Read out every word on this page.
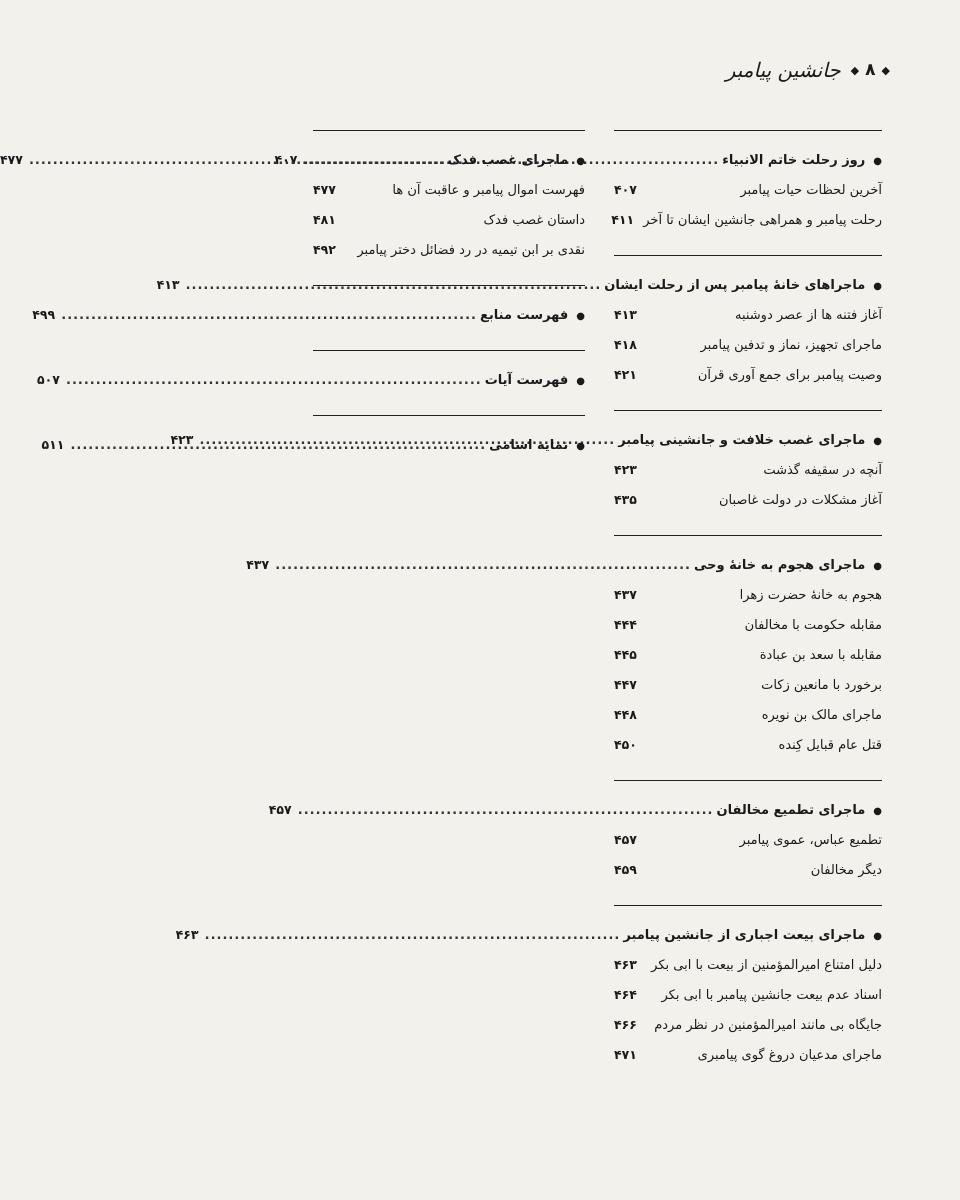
◆
۸
◆
جانشین پیامبر
●
روز رحلت خاتم الانبیاء
.....
۴۰۷
آخرین لحظات حیات پیامبر
۴۰۷
رحلت پیامبر و همراهی جانشین ایشان تا آخر
۴۱۱
●
ماجراهای خانهٔ پیامبر پس از رحلت ایشان
.....
۴۱۳
آغاز فتنه ها از عصر دوشنبه
۴۱۳
ماجرای تجهیز، نماز و تدفین پیامبر
۴۱۸
وصیت پیامبر برای جمع آوری قرآن
۴۲۱
●
ماجرای غصب خلافت و جانشینی پیامبر
.....
۴۲۳
آنچه در سقیفه گذشت
۴۲۳
آغاز مشکلات در دولت غاصبان
۴۳۵
●
ماجرای هجوم به خانهٔ وحی
.....
۴۳۷
هجوم به خانهٔ حضرت زهرا
۴۳۷
مقابله حکومت با مخالفان
۴۴۴
مقابله با سعد بن عبادة
۴۴۵
برخورد با مانعین زکات
۴۴۷
ماجرای مالک بن نویره
۴۴۸
قتل عام قبایل کِنده
۴۵۰
●
ماجرای تطمیع مخالفان
.....
۴۵۷
تطمیع عباس، عموی پیامبر
۴۵۷
دیگر مخالفان
۴۵۹
●
ماجرای بیعت اجباری از جانشین پیامبر
.....
۴۶۳
دلیل امتناع امیرالمؤمنین از بیعت با ابی بکر
۴۶۳
اسناد عدم بیعت جانشین پیامبر با ابی بکر
۴۶۴
جایگاه بی مانند امیرالمؤمنین در نظر مردم
۴۶۶
ماجرای مدعیان دروغ گوی پیامبری
۴۷۱
●
ماجرای غصب فدک
.....
۴۷۷
فهرست اموال پیامبر و عاقبت آن ها
۴۷۷
داستان غصب فدک
۴۸۱
نقدی بر ابن تیمیه در رد فضائل دختر پیامبر
۴۹۲
●
فهرست منابع
.....
۴۹۹
●
فهرست آیات
.....
۵۰۷
●
نمایه اسامی
.....
۵۱۱
